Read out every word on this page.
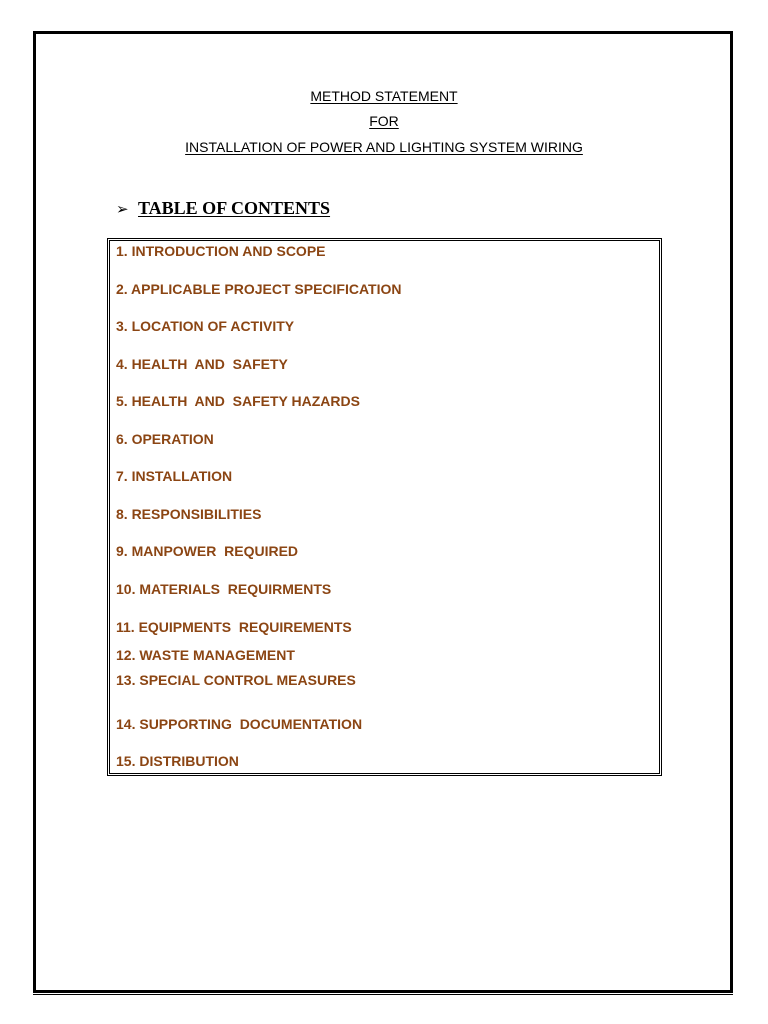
METHOD STATEMENT

FOR

INSTALLATION OF POWER AND LIGHTING SYSTEM WIRING

➢ TABLE OF CONTENTS

1. INTRODUCTION AND SCOPE

2. APPLICABLE PROJECT SPECIFICATION

3. LOCATION OF ACTIVITY

4. HEALTH  AND  SAFETY

5. HEALTH  AND  SAFETY HAZARDS

6. OPERATION

7. INSTALLATION

8. RESPONSIBILITIES

9. MANPOWER  REQUIRED

10. MATERIALS  REQUIRMENTS

11. EQUIPMENTS  REQUIREMENTS

12. WASTE MANAGEMENT

13. SPECIAL CONTROL MEASURES

14. SUPPORTING  DOCUMENTATION

15. DISTRIBUTION
